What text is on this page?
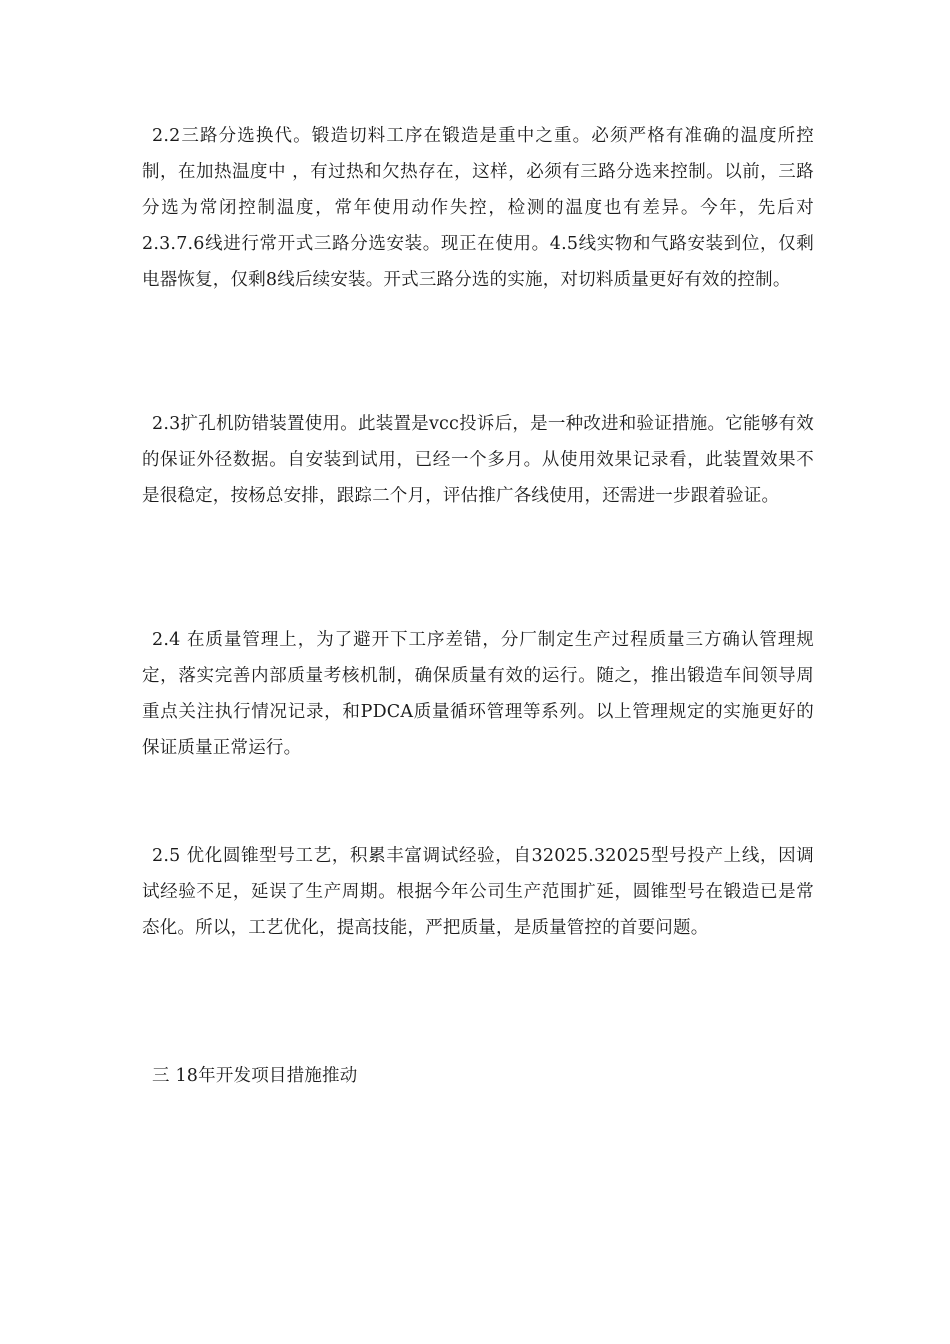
2.2三路分选换代。锻造切料工序在锻造是重中之重。必须严格有准确的温度所控制，在加热温度中 ，有过热和欠热存在，这样，必须有三路分选来控制。以前，三路分选为常闭控制温度，常年使用动作失控，检测的温度也有差异。今年，先后对2.3.7.6线进行常开式三路分选安装。现正在使用。4.5线实物和气路安装到位，仅剩电器恢复，仅剩8线后续安装。开式三路分选的实施，对切料质量更好有效的控制。

2.3扩孔机防错装置使用。此装置是vcc投诉后，是一种改进和验证措施。它能够有效的保证外径数据。自安装到试用，已经一个多月。从使用效果记录看，此装置效果不是很稳定，按杨总安排，跟踪二个月，评估推广各线使用，还需进一步跟着验证。

2.4 在质量管理上，为了避开下工序差错，分厂制定生产过程质量三方确认管理规定，落实完善内部质量考核机制，确保质量有效的运行。随之，推出锻造车间领导周重点关注执行情况记录，和PDCA质量循环管理等系列。以上管理规定的实施更好的保证质量正常运行。

2.5 优化圆锥型号工艺，积累丰富调试经验，自32025.32025型号投产上线，因调试经验不足，延误了生产周期。根据今年公司生产范围扩延，圆锥型号在锻造已是常态化。所以，工艺优化，提高技能，严把质量，是质量管控的首要问题。

三 18年开发项目措施推动
